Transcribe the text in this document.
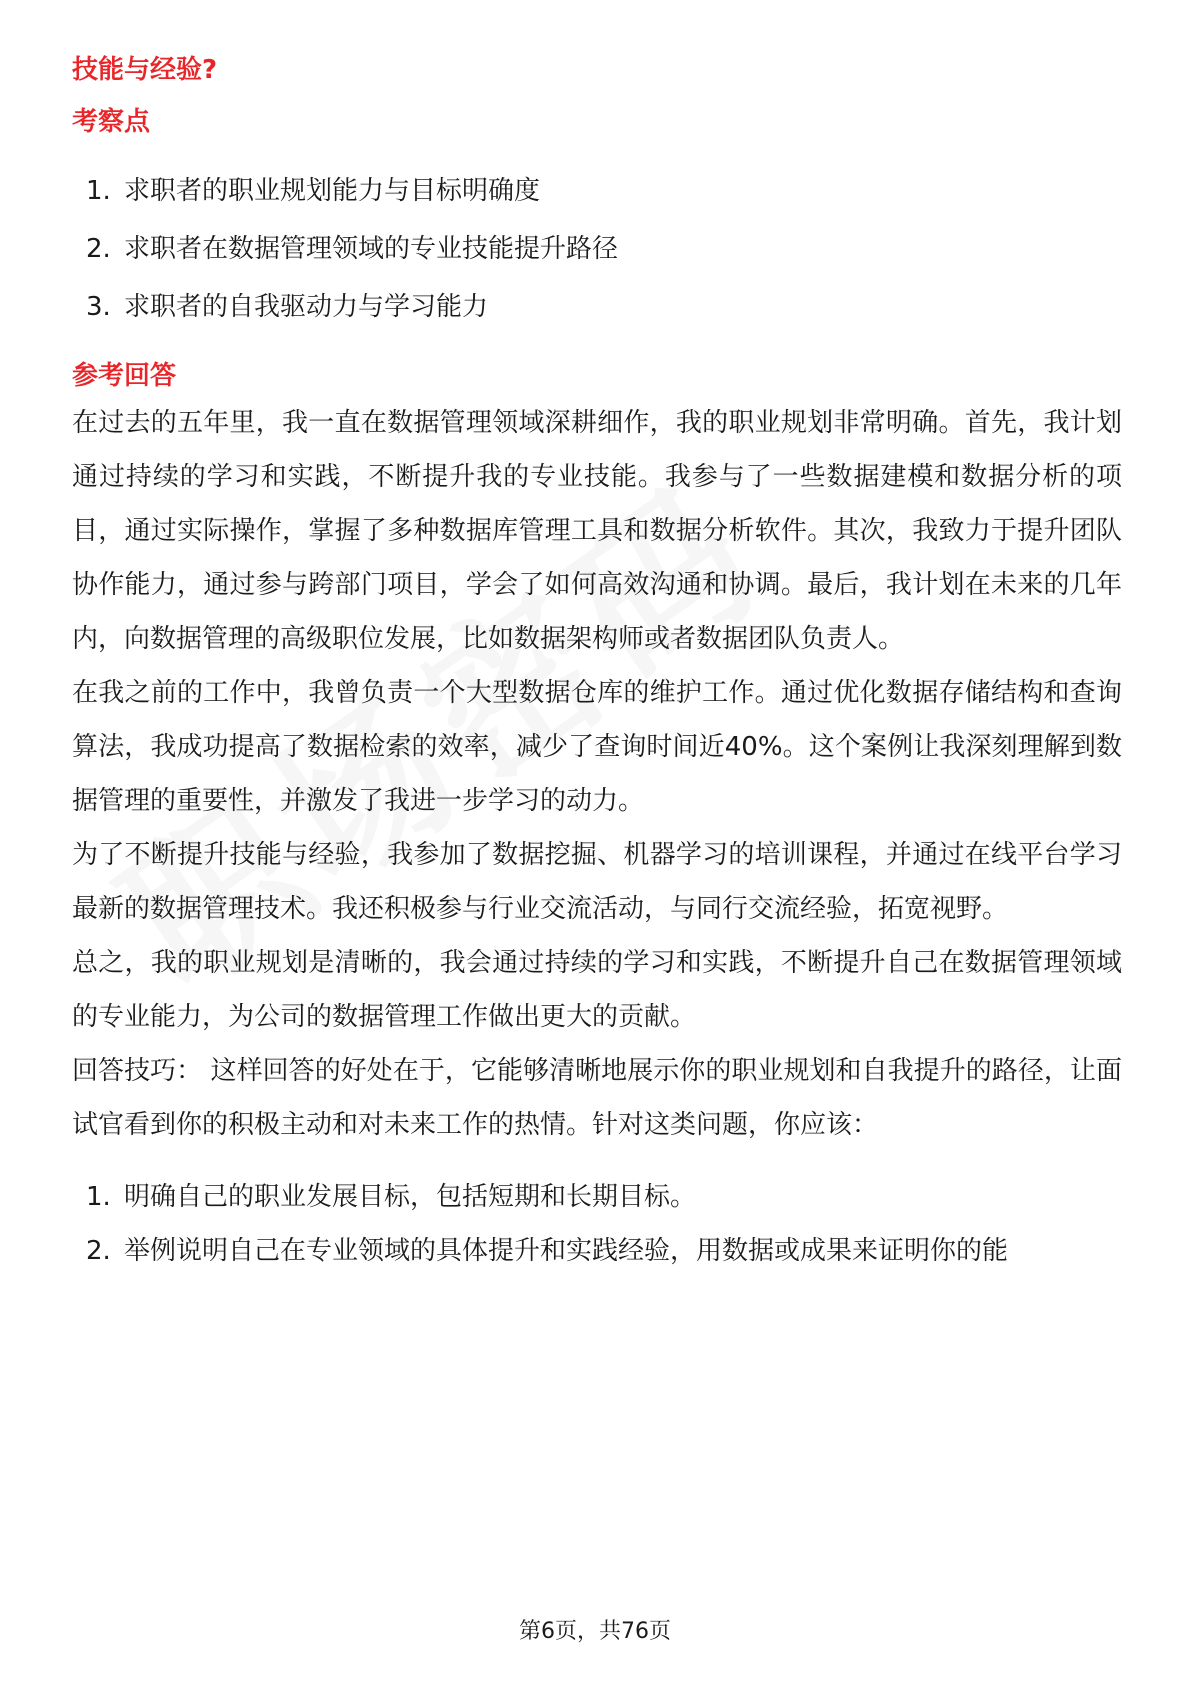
技能与经验?
考察点
1. 求职者的职业规划能力与目标明确度
2. 求职者在数据管理领域的专业技能提升路径
3. 求职者的自我驱动力与学习能力
参考回答

在过去的五年里，我一直在数据管理领域深耕细作，我的职业规划非常明确。首先，我计划通过持续的学习和实践，不断提升我的专业技能。我参与了一些数据建模和数据分析的项目，通过实际操作，掌握了多种数据库管理工具和数据分析软件。其次，我致力于提升团队协作能力，通过参与跨部门项目，学会了如何高效沟通和协调。最后，我计划在未来的几年内，向数据管理的高级职位发展，比如数据架构师或者数据团队负责人。

在我之前的工作中，我曾负责一个大型数据仓库的维护工作。通过优化数据存储结构和查询算法，我成功提高了数据检索的效率，减少了查询时间近40%。这个案例让我深刻理解到数据管理的重要性，并激发了我进一步学习的动力。

为了不断提升技能与经验，我参加了数据挖掘、机器学习的培训课程，并通过在线平台学习最新的数据管理技术。我还积极参与行业交流活动，与同行交流经验，拓宽视野。

总之，我的职业规划是清晰的，我会通过持续的学习和实践，不断提升自己在数据管理领域的专业能力，为公司的数据管理工作做出更大的贡献。

回答技巧： 这样回答的好处在于，它能够清晰地展示你的职业规划和自我提升的路径，让面试官看到你的积极主动和对未来工作的热情。针对这类问题，你应该：

1. 明确自己的职业发展目标，包括短期和长期目标。
2. 举例说明自己在专业领域的具体提升和实践经验，用数据或成果来证明你的能
第6页，共76页
